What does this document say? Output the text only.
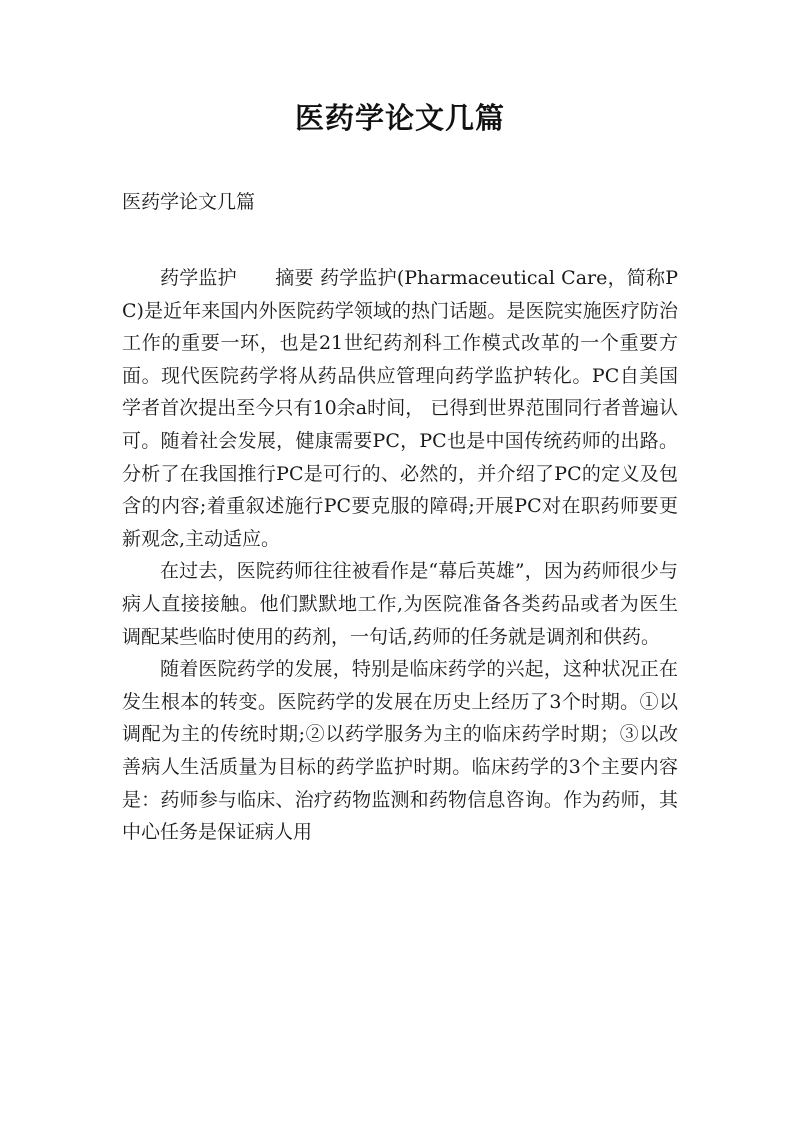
医药学论文几篇
医药学论文几篇

药学监护　　摘要 药学监护(Pharmaceutical Care，简称PC)是近年来国内外医院药学领域的热门话题。是医院实施医疗防治工作的重要一环，也是21世纪药剂科工作模式改革的一个重要方面。现代医院药学将从药品供应管理向药学监护转化。PC自美国学者首次提出至今只有10余a时间， 已得到世界范围同行者普遍认可。随着社会发展，健康需要PC，PC也是中国传统药师的出路。分析了在我国推行PC是可行的、必然的，并介绍了PC的定义及包含的内容;着重叙述施行PC要克服的障碍;开展PC对在职药师要更新观念,主动适应。

在过去，医院药师往往被看作是“幕后英雄”，因为药师很少与病人直接接触。他们默默地工作,为医院准备各类药品或者为医生调配某些临时使用的药剂，一句话,药师的任务就是调剂和供药。

随着医院药学的发展，特别是临床药学的兴起，这种状况正在发生根本的转变。医院药学的发展在历史上经历了3个时期。①以调配为主的传统时期;②以药学服务为主的临床药学时期；③以改善病人生活质量为目标的药学监护时期。临床药学的3个主要内容是：药师参与临床、治疗药物监测和药物信息咨询。作为药师，其中心任务是保证病人用
